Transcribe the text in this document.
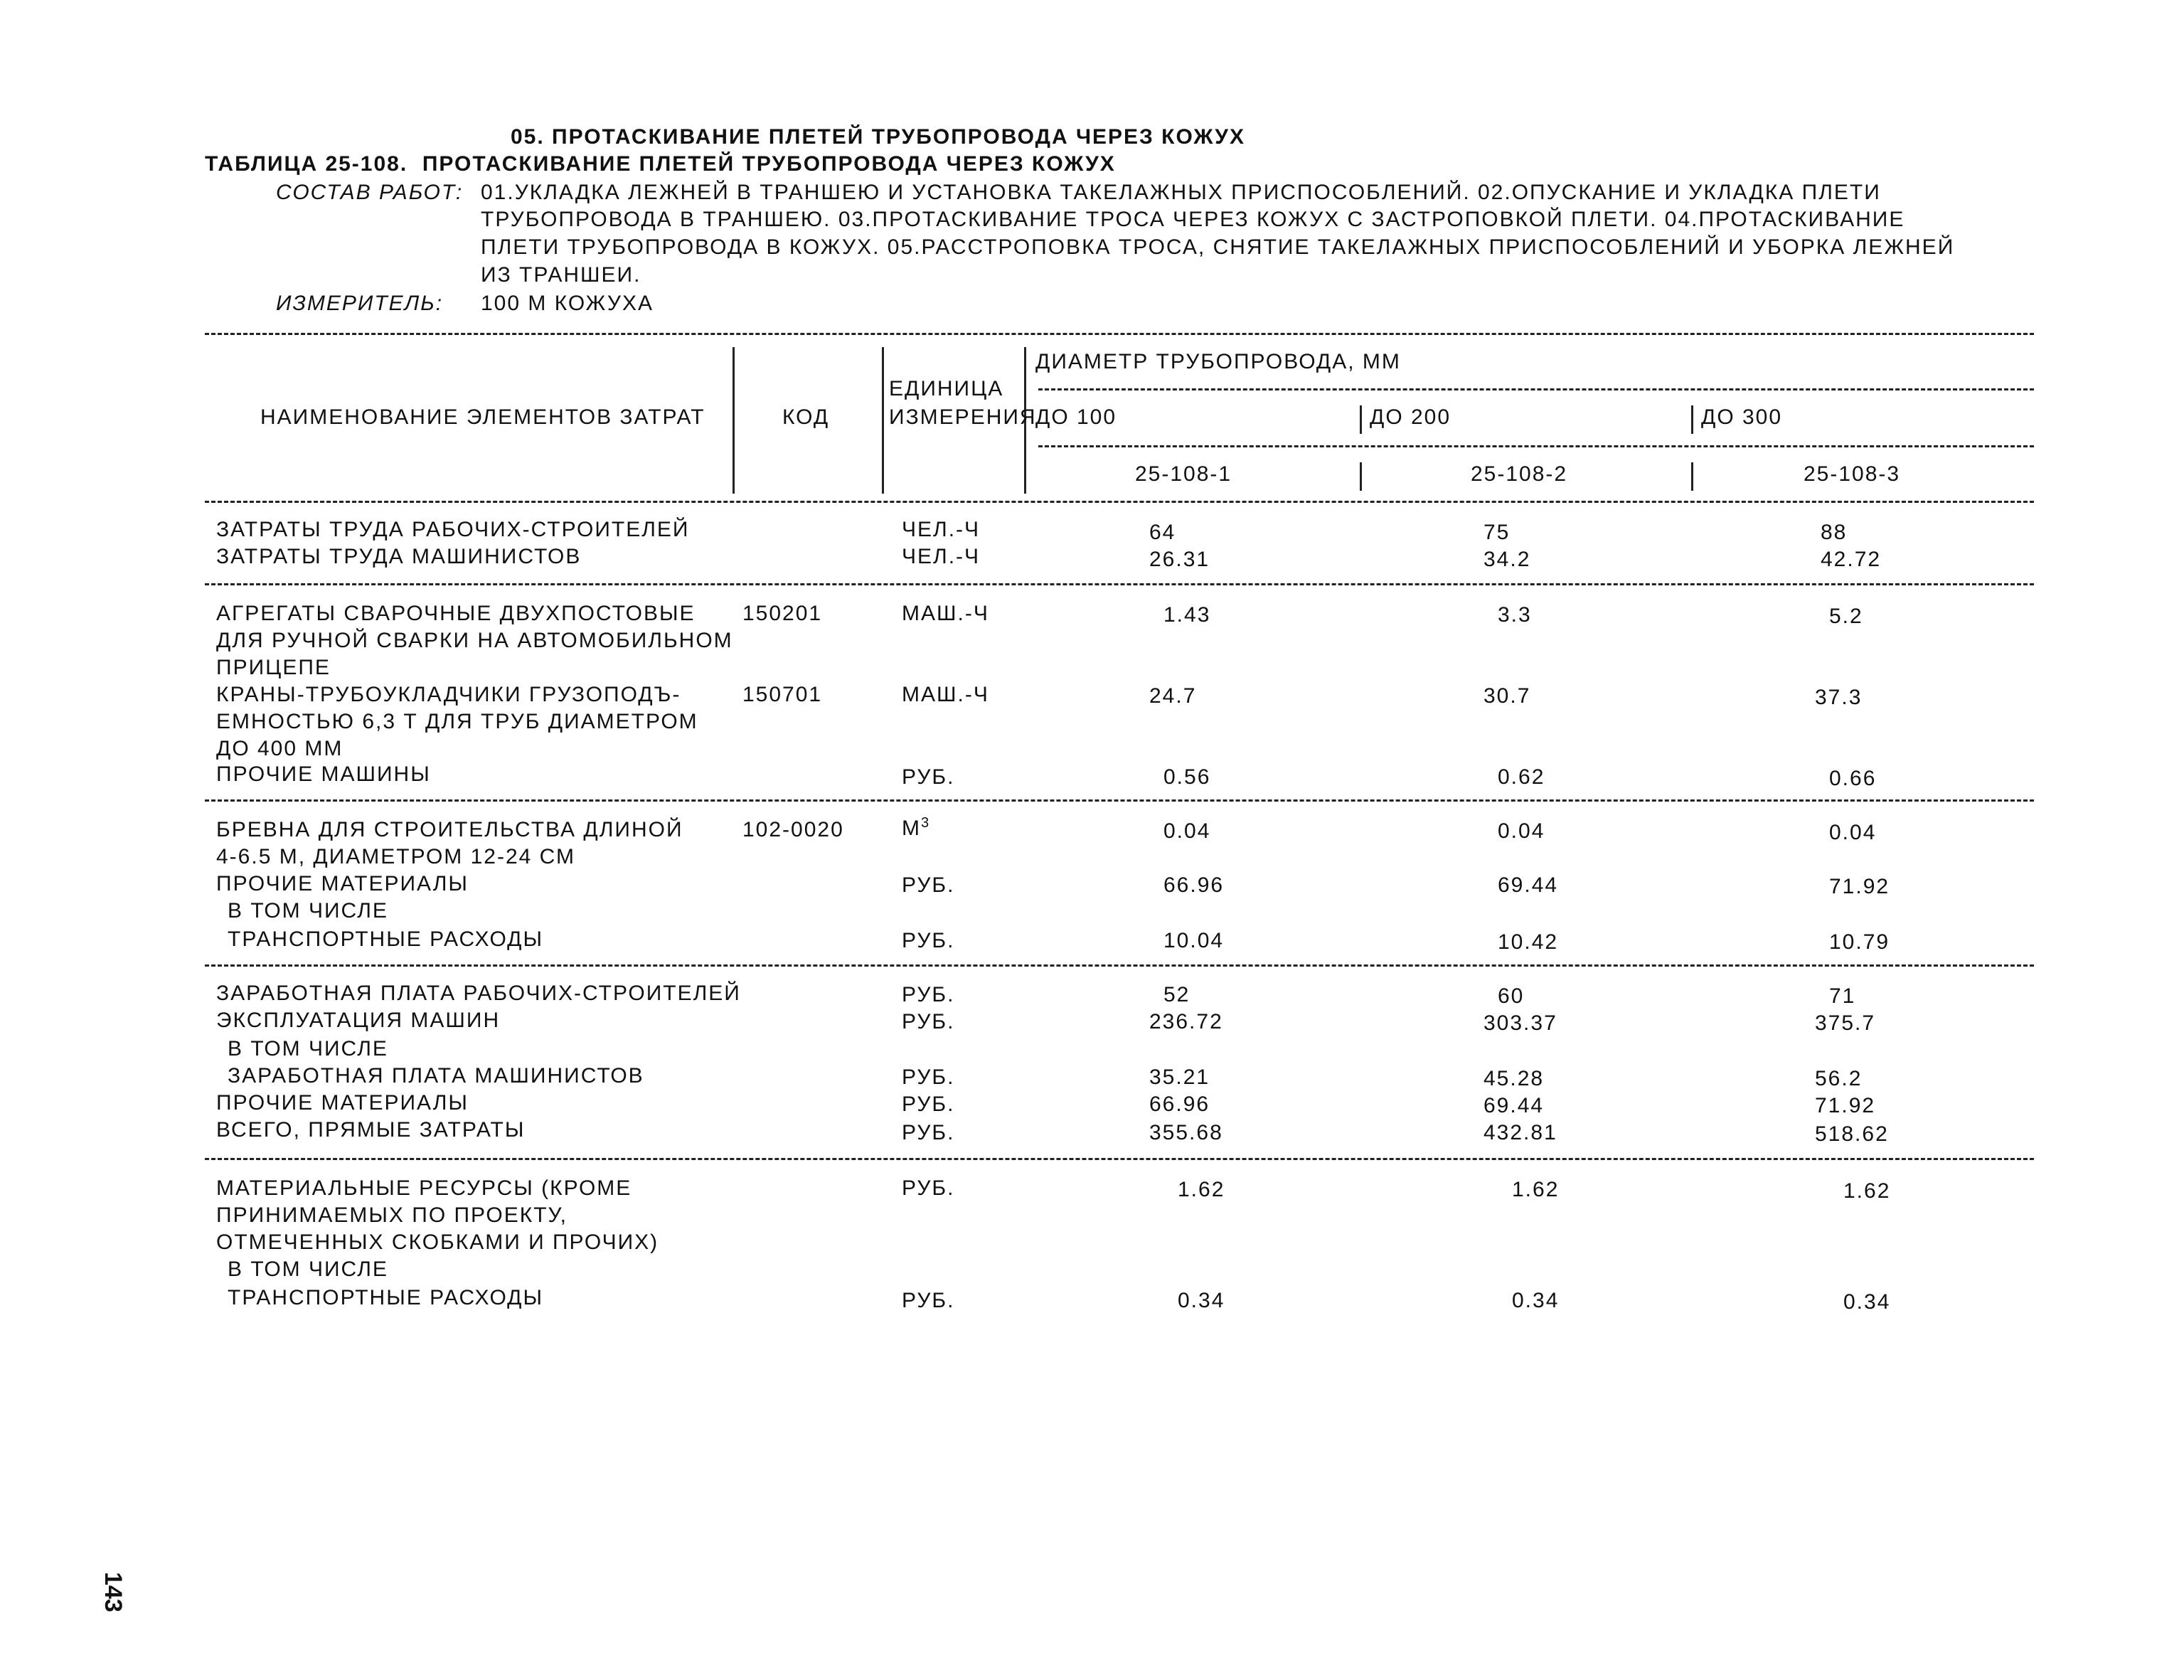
05. ПРОТАСКИВАНИЕ ПЛЕТЕЙ ТРУБОПРОВОДА ЧЕРЕЗ КОЖУХ
ТАБЛИЦА 25-108.  ПРОТАСКИВАНИЕ ПЛЕТЕЙ ТРУБОПРОВОДА ЧЕРЕЗ КОЖУХ
СОСТАВ РАБОТ: 01.УКЛАДКА ЛЕЖНЕЙ В ТРАНШЕЮ И УСТАНОВКА ТАКЕЛАЖНЫХ ПРИСПОСОБЛЕНИЙ. 02.ОПУСКАНИЕ И УКЛАДКА ПЛЕТИ
ТРУБОПРОВОДА В ТРАНШЕЮ. 03.ПРОТАСКИВАНИЕ ТРОСА ЧЕРЕЗ КОЖУХ С ЗАСТРОПОВКОЙ ПЛЕТИ. 04.ПРОТАСКИВАНИЕ
ПЛЕТИ ТРУБОПРОВОДА В КОЖУХ. 05.РАССТРОПОВКА ТРОСА, СНЯТИЕ ТАКЕЛАЖНЫХ ПРИСПОСОБЛЕНИЙ И УБОРКА ЛЕЖНЕЙ
ИЗ ТРАНШЕИ.
ИЗМЕРИТЕЛЬ: 100 М КОЖУХА
НАИМЕНОВАНИЕ ЭЛЕМЕНТОВ ЗАТРАТ	КОД
ЕДИНИЦА
ИЗМЕРЕНИЯ
ДИАМЕТР ТРУБОПРОВОДА, ММ
ДО 100	ДО 200	ДО 300
25-108-1	25-108-2	25-108-3
ЗАТРАТЫ ТРУДА РАБОЧИХ-СТРОИТЕЛЕЙ	ЧЕЛ.-Ч	64	75	88
ЗАТРАТЫ ТРУДА МАШИНИСТОВ	ЧЕЛ.-Ч	26.31	34.2	42.72
АГРЕГАТЫ СВАРОЧНЫЕ ДВУХПОСТОВЫЕ
ДЛЯ РУЧНОЙ СВАРКИ НА АВТОМОБИЛЬНОМ
ПРИЦЕПЕ
150201	МАШ.-Ч	1.43	3.3	5.2
КРАНЫ-ТРУБОУКЛАДЧИКИ ГРУЗОПОДЪ-
ЕМНОСТЬЮ 6,3 Т ДЛЯ ТРУБ ДИАМЕТРОМ
ДО 400 ММ
150701	МАШ.-Ч	24.7	30.7	37.3
ПРОЧИЕ МАШИНЫ	РУБ.	0.56	0.62	0.66
БРЕВНА ДЛЯ СТРОИТЕЛЬСТВА ДЛИНОЙ
4-6.5 М, ДИАМЕТРОМ 12-24 СМ
102-0020	$М^3$	0.04	0.04	0.04
ПРОЧИЕ МАТЕРИАЛЫ	РУБ.	66.96	69.44	71.92
В ТОМ ЧИСЛЕ
ТРАНСПОРТНЫЕ РАСХОДЫ	РУБ.	10.04	10.42	10.79
ЗАРАБОТНАЯ ПЛАТА РАБОЧИХ-СТРОИТЕЛЕЙ	РУБ.	52	60	71
ЭКСПЛУАТАЦИЯ МАШИН	РУБ.	236.72	303.37	375.7
В ТОМ ЧИСЛЕ
ЗАРАБОТНАЯ ПЛАТА МАШИНИСТОВ	РУБ.	35.21	45.28	56.2
ПРОЧИЕ МАТЕРИАЛЫ	РУБ.	66.96	69.44	71.92
ВСЕГО, ПРЯМЫЕ ЗАТРАТЫ	РУБ.	355.68	432.81	518.62
МАТЕРИАЛЬНЫЕ РЕСУРСЫ (КРОМЕ
ПРИНИМАЕМЫХ ПО ПРОЕКТУ,
ОТМЕЧЕННЫХ СКОБКАМИ И ПРОЧИХ)
РУБ.	1.62	1.62	1.62
В ТОМ ЧИСЛЕ
ТРАНСПОРТНЫЕ РАСХОДЫ	РУБ.	0.34	0.34	0.34
143
